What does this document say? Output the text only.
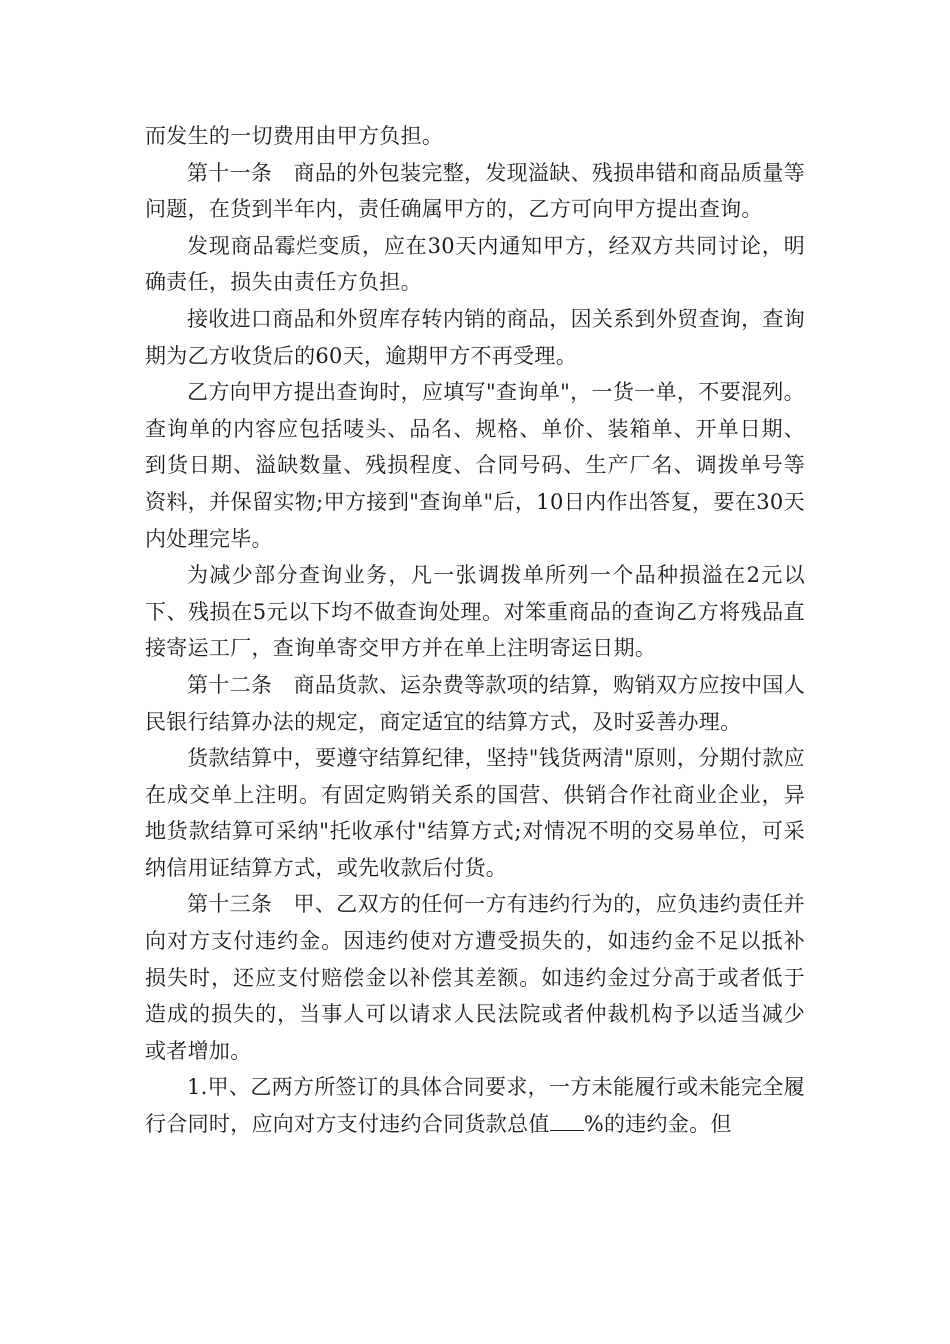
而发生的一切费用由甲方负担。

第十一条　商品的外包装完整，发现溢缺、残损串错和商品质量等问题，在货到半年内，责任确属甲方的，乙方可向甲方提出查询。

发现商品霉烂变质，应在30天内通知甲方，经双方共同讨论，明确责任，损失由责任方负担。

接收进口商品和外贸库存转内销的商品，因关系到外贸查询，查询期为乙方收货后的60天，逾期甲方不再受理。

乙方向甲方提出查询时，应填写"查询单"，一货一单，不要混列。查询单的内容应包括唛头、品名、规格、单价、装箱单、开单日期、到货日期、溢缺数量、残损程度、合同号码、生产厂名、调拨单号等资料，并保留实物;甲方接到"查询单"后，10日内作出答复，要在30天内处理完毕。

为减少部分查询业务，凡一张调拨单所列一个品种损溢在2元以下、残损在5元以下均不做查询处理。对笨重商品的查询乙方将残品直接寄运工厂，查询单寄交甲方并在单上注明寄运日期。

第十二条　商品货款、运杂费等款项的结算，购销双方应按中国人民银行结算办法的规定，商定适宜的结算方式，及时妥善办理。

货款结算中，要遵守结算纪律，坚持"钱货两清"原则，分期付款应在成交单上注明。有固定购销关系的国营、供销合作社商业企业，异地货款结算可采纳"托收承付"结算方式;对情况不明的交易单位，可采纳信用证结算方式，或先收款后付货。

第十三条　甲、乙双方的任何一方有违约行为的，应负违约责任并向对方支付违约金。因违约使对方遭受损失的，如违约金不足以抵补损失时，还应支付赔偿金以补偿其差额。如违约金过分高于或者低于造成的损失的，当事人可以请求人民法院或者仲裁机构予以适当减少或者增加。

1.甲、乙两方所签订的具体合同要求，一方未能履行或未能完全履行合同时，应向对方支付违约合同货款总值 %的违约金。但
